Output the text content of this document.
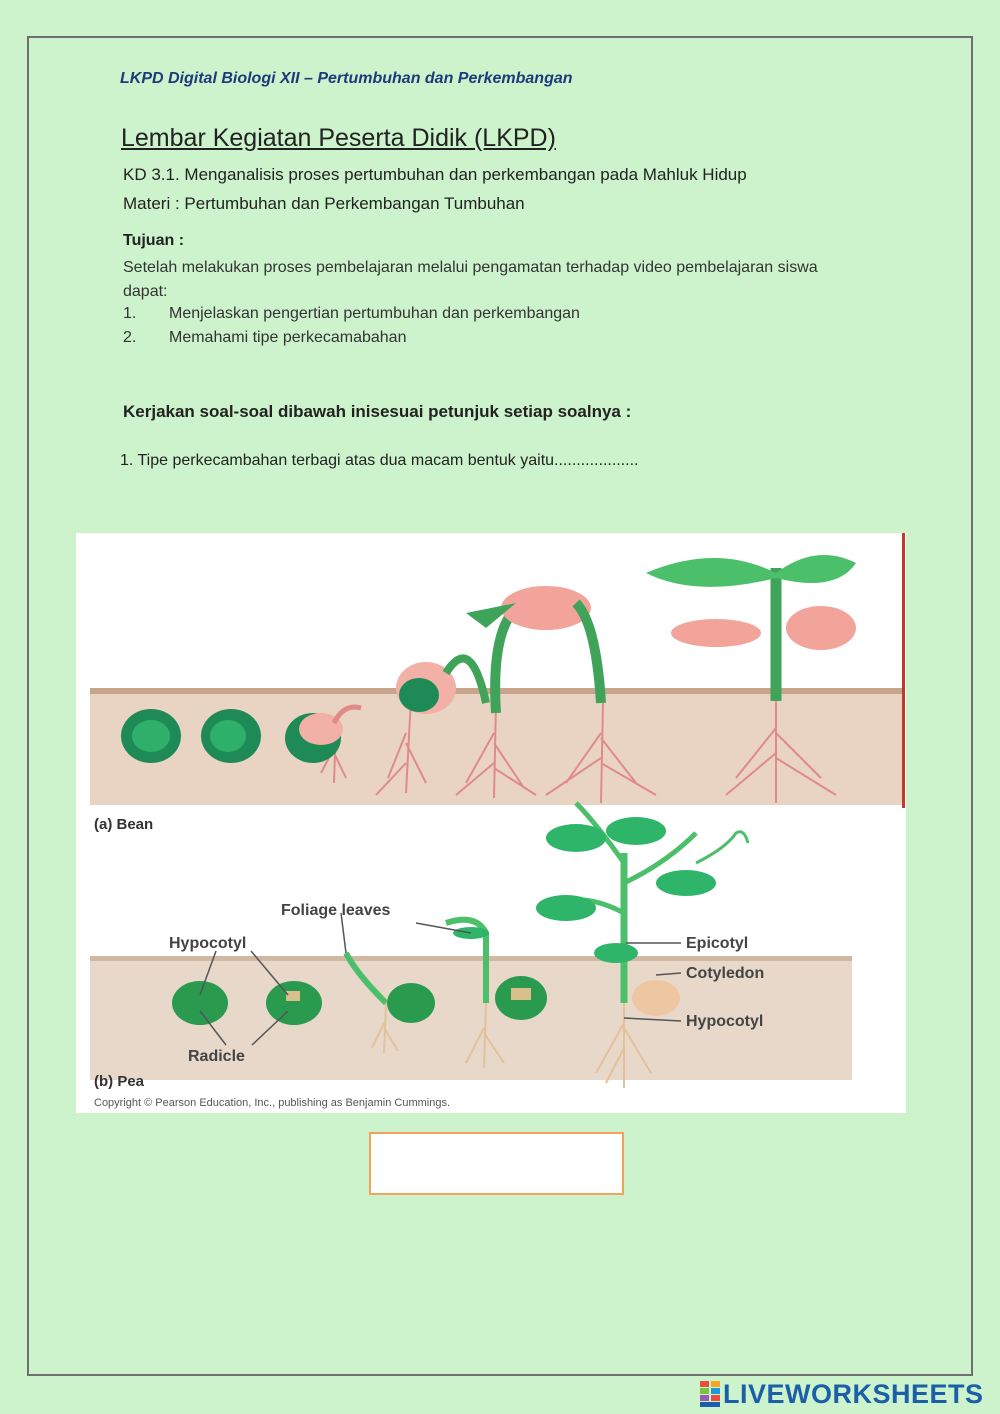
LKPD Digital Biologi XII – Pertumbuhan dan Perkembangan
Lembar Kegiatan Peserta Didik (LKPD)
KD 3.1. Menganalisis proses pertumbuhan dan perkembangan pada Mahluk Hidup
Materi : Pertumbuhan dan Perkembangan Tumbuhan
Tujuan :
Setelah melakukan proses pembelajaran melalui pengamatan terhadap video pembelajaran siswa dapat:
1. Menjelaskan pengertian pertumbuhan dan perkembangan
2. Memahami tipe perkecamabahan
Kerjakan soal-soal dibawah inisesuai petunjuk setiap soalnya :
1. Tipe perkecambahan terbagi atas dua macam bentuk yaitu...................
(a) Bean
Foliage leaves
Hypocotyl
Radicle
Epicotyl
Cotyledon
Hypocotyl
(b) Pea
Copyright © Pearson Education, Inc., publishing as Benjamin Cummings.
LIVEWORKSHEETS
